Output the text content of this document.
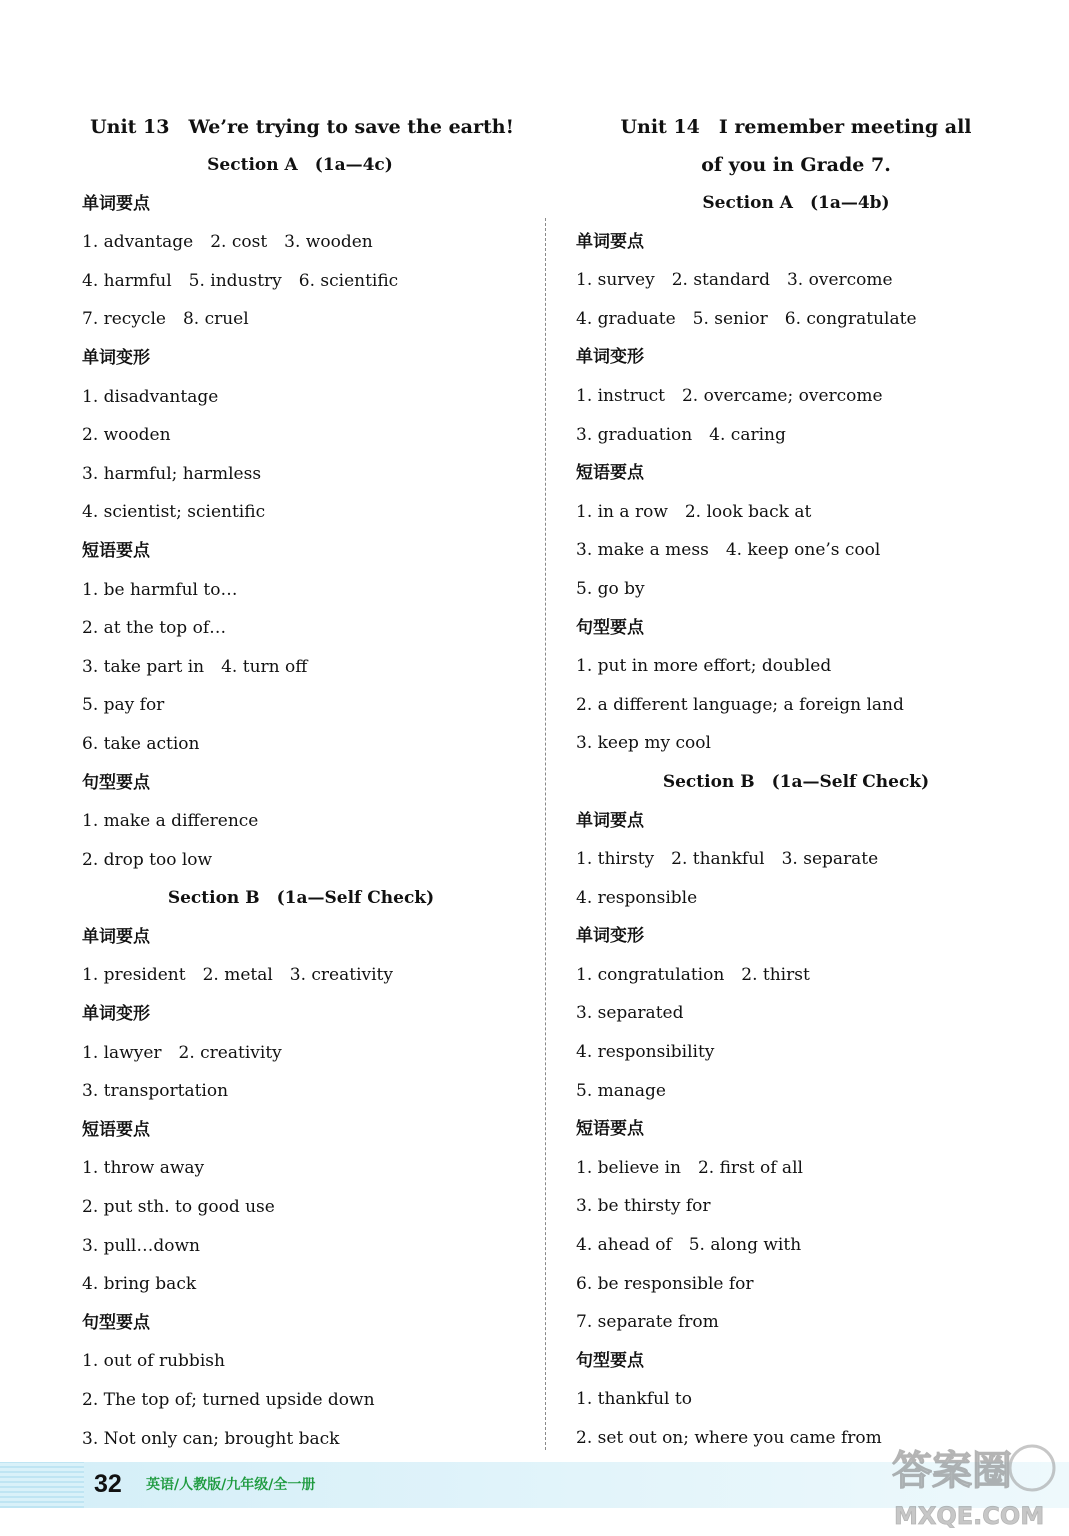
Unit 13 We’re trying to save the earth!
Section A　(1a—4c)
单词要点
1. advantage 2. cost 3. wooden
4. harmful 5. industry 6. scientific
7. recycle 8. cruel
单词变形
1. disadvantage
2. wooden
3. harmful; harmless
4. scientist; scientific
短语要点
1. be harmful to…
2. at the top of…
3. take part in 4. turn off
5. pay for
6. take action
句型要点
1. make a difference
2. drop too low
Section B　(1a—Self Check)
单词要点
1. president 2. metal 3. creativity
单词变形
1. lawyer 2. creativity
3. transportation
短语要点
1. throw away
2. put sth. to good use
3. pull…down
4. bring back
句型要点
1. out of rubbish
2. The top of; turned upside down
3. Not only can; brought back
Unit 14 I remember meeting all
of you in Grade 7.
Section A　(1a—4b)
单词要点
1. survey 2. standard 3. overcome
4. graduate 5. senior 6. congratulate
单词变形
1. instruct 2. overcame; overcome
3. graduation 4. caring
短语要点
1. in a row 2. look back at
3. make a mess 4. keep one’s cool
5. go by
句型要点
1. put in more effort; doubled
2. a different language; a foreign land
3. keep my cool
Section B　(1a—Self Check)
单词要点
1. thirsty 2. thankful 3. separate
4. responsible
单词变形
1. congratulation 2. thirst
3. separated
4. responsibility
5. manage
短语要点
1. believe in 2. first of all
3. be thirsty for
4. ahead of 5. along with
6. be responsible for
7. separate from
句型要点
1. thankful to
2. set out on; where you came from
32 英语/人教版/九年级/全一册	答案圈
MXQE.COM
